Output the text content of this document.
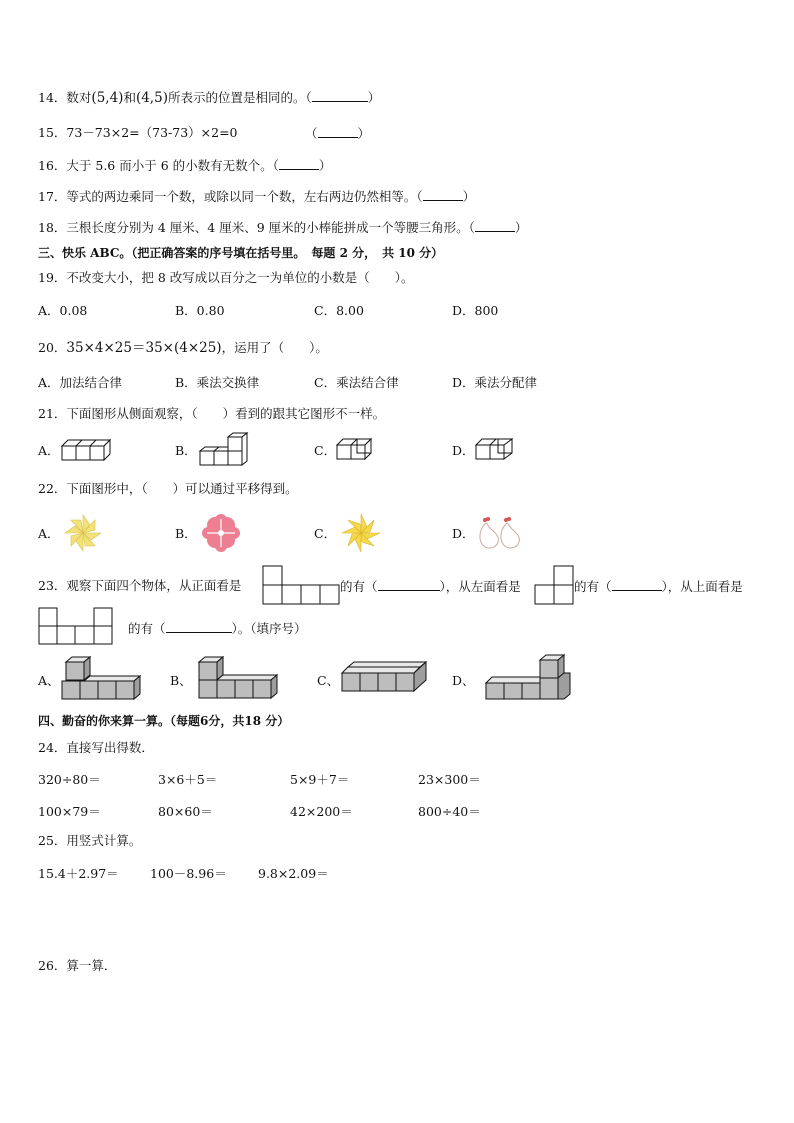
14．数对(5,4)和(4,5)所表示的位置是相同的。（	）
15．73－73×2=（73-73）×2=0	（	）
16．大于 5.6 而小于 6 的小数有无数个。（	）
17．等式的两边乘同一个数，或除以同一个数，左右两边仍然相等。（	）
18．三根长度分别为 4 厘米、4 厘米、9 厘米的小棒能拼成一个等腰三角形。（	）
三、快乐 ABC。（把正确答案的序号填在括号里。　每题 2 分，　共 10 分）
19．不改变大小，把 8 改写成以百分之一为单位的小数是（　　）。
A．0.08	B．0.80	C．8.00	D．800
20．35×4×25＝35×(4×25)，运用了（　　）。
A．加法结合律	B．乘法交换律	C．乘法结合律	D．乘法分配律
21．下面图形从侧面观察，（　　）看到的跟其它图形不一样。
A．	B．	C．	D．
22．下面图形中，（　　）可以通过平移得到。
A．	B．	C．	D．
23．观察下面四个物体，从正面看是	的有（	），从左面看是	的有（	），从上面看是
的有（	）。（填序号）
A、	B、	C、	D、
四、勤奋的你来算一算。（每题6分，共18 分）
24．直接写出得数．
320÷80＝	3×6＋5＝	5×9＋7＝	23×300＝
100×79＝	80×60＝	42×200＝	800÷40＝
25．用竖式计算。
15.4＋2.97＝	100－8.96＝	9.8×2.09＝
26．算一算．
